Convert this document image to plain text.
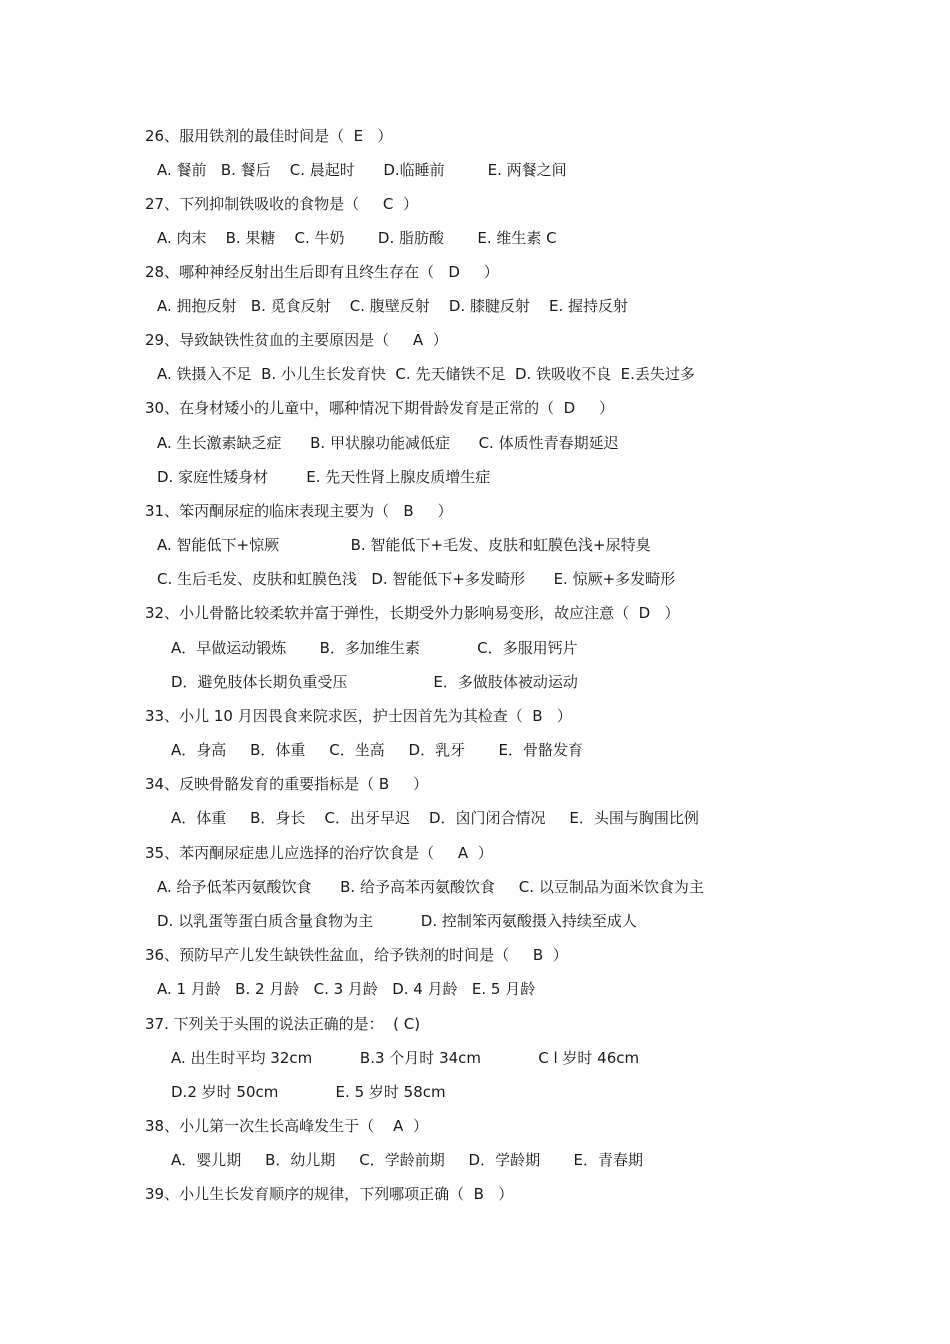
26、服用铁剂的最佳时间是（  E   ）
A. 餐前   B. 餐后    C. 晨起时      D.临睡前         E. 两餐之间
27、下列抑制铁吸收的食物是（     C  ）
A. 肉末    B. 果糖    C. 牛奶       D. 脂肪酸       E. 维生素 C
28、哪种神经反射出生后即有且终生存在（   D     ）
A. 拥抱反射   B. 觅食反射    C. 腹壁反射    D. 膝腱反射    E. 握持反射
29、导致缺铁性贫血的主要原因是（     A  ）
A. 铁摄入不足  B. 小儿生长发育快  C. 先天储铁不足  D. 铁吸收不良  E.丢失过多
30、在身材矮小的儿童中，哪种情况下期骨龄发育是正常的（  D     ）
A. 生长激素缺乏症      B. 甲状腺功能减低症      C. 体质性青春期延迟
D. 家庭性矮身材        E. 先天性肾上腺皮质增生症
31、笨丙酮尿症的临床表现主要为（   B     ）
A. 智能低下+惊厥               B. 智能低下+毛发、皮肤和虹膜色浅+尿特臭
C. 生后毛发、皮肤和虹膜色浅   D. 智能低下+多发畸形      E. 惊厥+多发畸形
32、小儿骨骼比较柔软并富于弹性，长期受外力影响易变形，故应注意（  D   ）
A．早做运动锻炼       B．多加维生素            C．多服用钙片
D．避免肢体长期负重受压                  E．多做肢体被动运动
33、小儿 10 月因畏食来院求医，护士因首先为其检查（  B   ）
A．身高     B．体重     C．坐高     D．乳牙       E．骨骼发育
34、反映骨骼发育的重要指标是（ B     ）
A．体重     B．身长    C．出牙早迟    D．囟门闭合情况     E．头围与胸围比例
35、苯丙酮尿症患儿应选择的治疗饮食是（     A  ）
A. 给予低苯丙氨酸饮食      B. 给予高苯丙氨酸饮食     C. 以豆制品为面米饮食为主
D. 以乳蛋等蛋白质含量食物为主          D. 控制笨丙氨酸摄入持续至成人
36、预防早产儿发生缺铁性盆血，给予铁剂的时间是（     B  ）
A. 1 月龄   B. 2 月龄   C. 3 月龄   D. 4 月龄   E. 5 月龄
37. 下列关于头围的说法正确的是：  ( C)
A. 出生时平均 32cm          B.3 个月时 34cm            C l 岁时 46cm
D.2 岁时 50cm            E. 5 岁时 58cm
38、小儿第一次生长高峰发生于（    A  ）
A．婴儿期     B．幼儿期     C．学龄前期     D．学龄期       E．青春期
39、小儿生长发育顺序的规律，下列哪项正确（  B   ）
